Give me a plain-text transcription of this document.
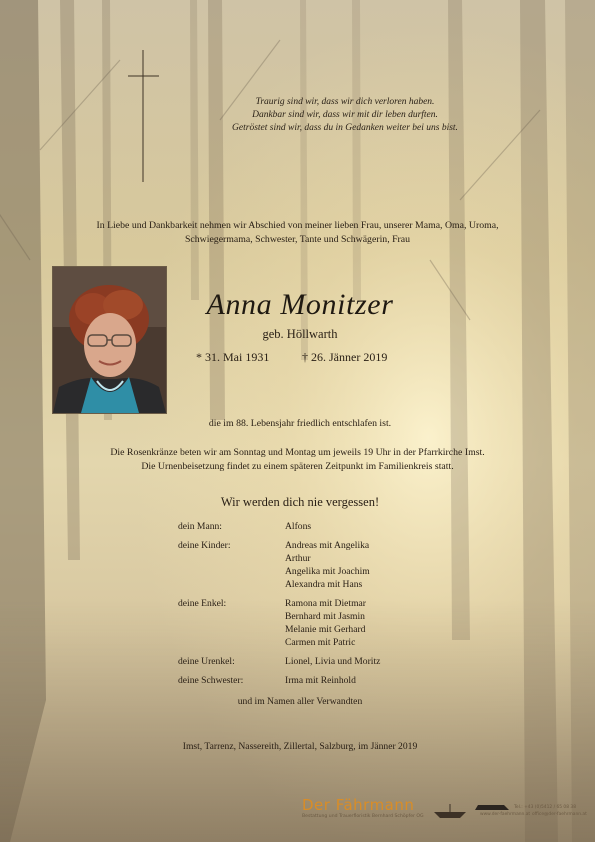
Traurig sind wir, dass wir dich verloren haben.
Dankbar sind wir, dass wir mit dir leben durften.
Getröstet sind wir, dass du in Gedanken weiter bei uns bist.
In Liebe und Dankbarkeit nehmen wir Abschied von meiner lieben Frau, unserer Mama, Oma, Uroma,
Schwiegermama, Schwester, Tante und Schwägerin, Frau
Anna Monitzer
geb. Höllwarth
* 31. Mai 1931	† 26. Jänner 2019
die im 88. Lebensjahr friedlich entschlafen ist.
Die Rosenkränze beten wir am Sonntag und Montag um jeweils 19 Uhr in der Pfarrkirche Imst.
Die Urnenbeisetzung findet zu einem späteren Zeitpunkt im Familienkreis statt.
Wir werden dich nie vergessen!
dein Mann:	Alfons
deine Kinder:	Andreas mit Angelika
Arthur
Angelika mit Joachim
Alexandra mit Hans
deine Enkel:	Ramona mit Dietmar
Bernhard mit Jasmin
Melanie mit Gerhard
Carmen mit Patric
deine Urenkel:	Lionel, Livia und Moritz
deine Schwester:	Irma mit Reinhold
und im Namen aller Verwandten
Imst, Tarrenz, Nassereith, Zillertal, Salzburg, im Jänner 2019
Der Fährmann
Bestattung und Trauerfloristik Bernhard Schöpfer OG
Tel.: +43 (0)5412 / 65 08 38
www.der-faehrmann.at office@der-faehrmann.at
